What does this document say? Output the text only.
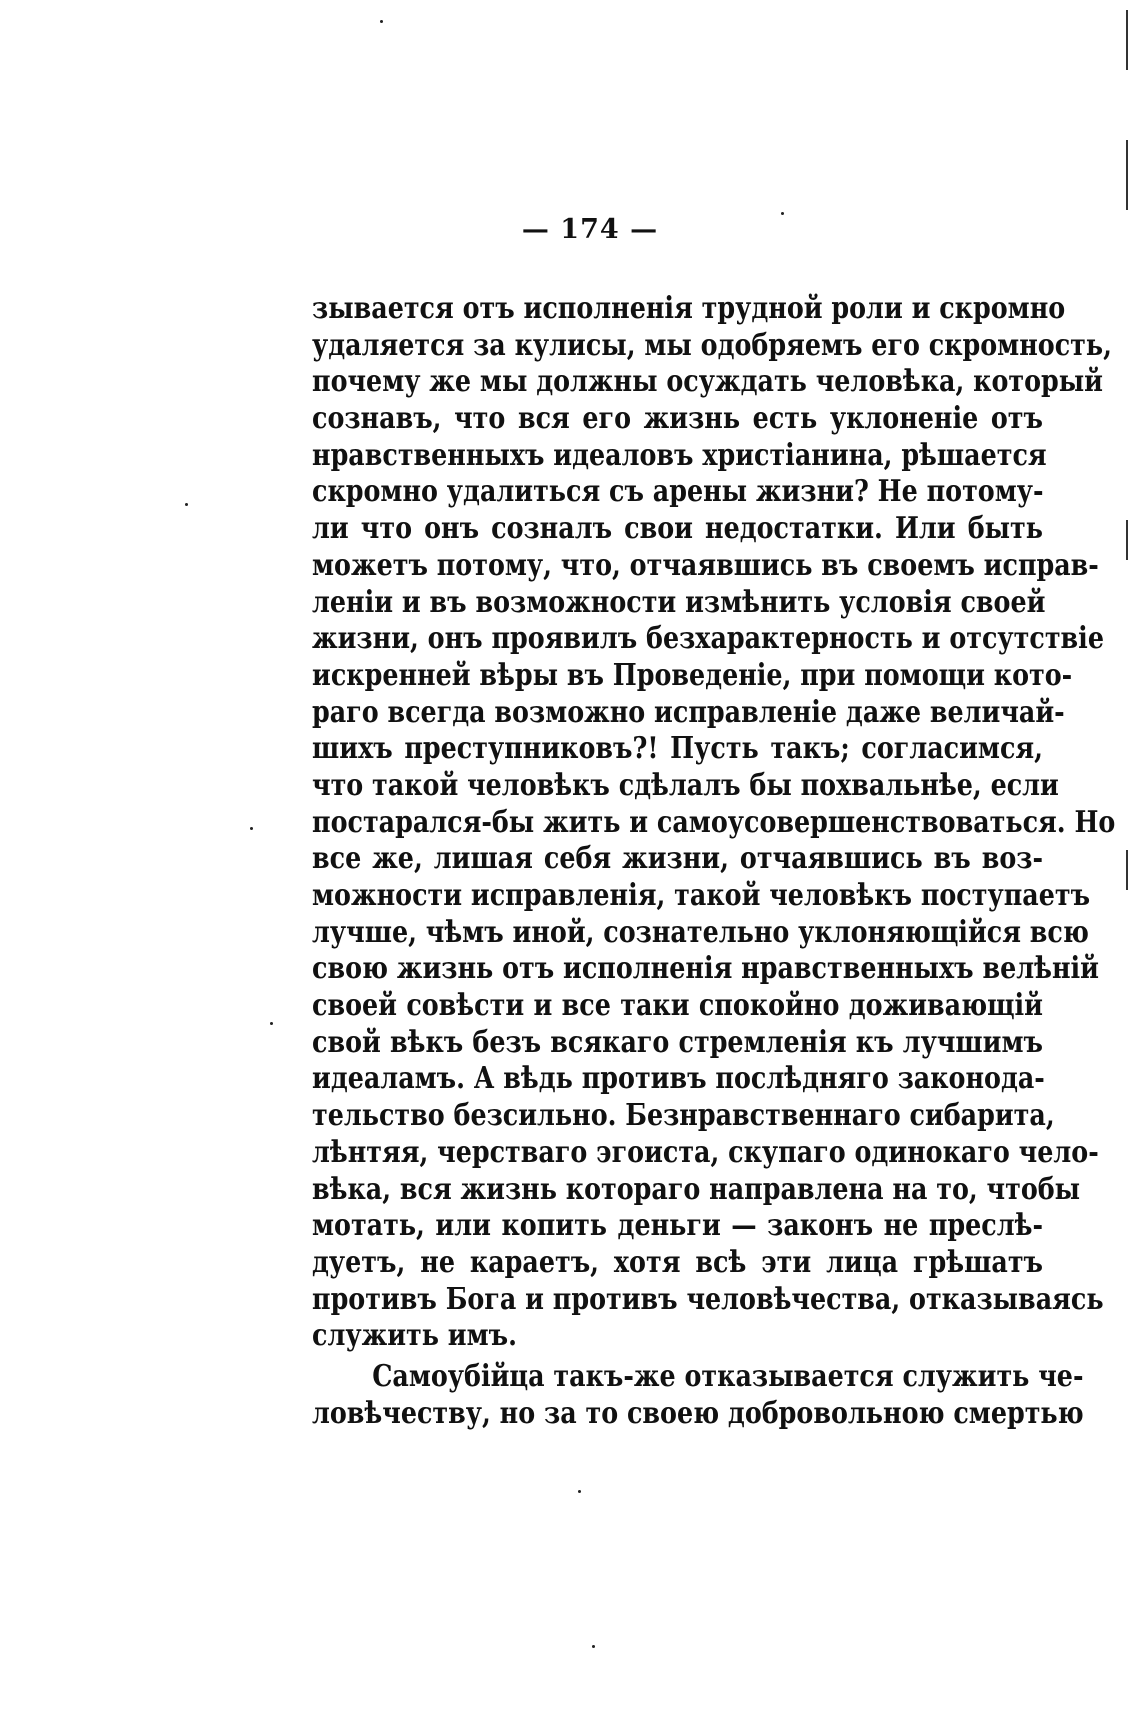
— 174 —
зывается отъ исполненія трудной роли и скромно
удаляется за кулисы, мы одобряемъ его скромность,
почему же мы должны осуждать человѣка, который
сознавъ, что вся его жизнь есть уклоненіе отъ
нравственныхъ идеаловъ христіанина, рѣшается
скромно удалиться съ арены жизни? Не потому-
ли что онъ созналъ свои недостатки. Или быть
можетъ потому, что, отчаявшись въ своемъ исправ-
леніи и въ возможности измѣнить условія своей
жизни, онъ проявилъ безхарактерность и отсутствіе
искренней вѣры въ Проведеніе, при помощи кото-
раго всегда возможно исправленіе даже величай-
шихъ преступниковъ?! Пусть такъ; согласимся,
что такой человѣкъ сдѣлалъ бы похвальнѣе, если
постарался-бы жить и самоусовершенствоваться. Но
все же, лишая себя жизни, отчаявшись въ воз-
можности исправленія, такой человѣкъ поступаетъ
лучше, чѣмъ иной, сознательно уклоняющійся всю
свою жизнь отъ исполненія нравственныхъ велѣній
своей совѣсти и все таки спокойно доживающій
свой вѣкъ безъ всякаго стремленія къ лучшимъ
идеаламъ. А вѣдь противъ послѣдняго законода-
тельство безсильно. Безнравственнаго сибарита,
лѣнтяя, черстваго эгоиста, скупаго одинокаго чело-
вѣка, вся жизнь котораго направлена на то, чтобы
мотать, или копить деньги — законъ не преслѣ-
дуетъ, не караетъ, хотя всѣ эти лица грѣшатъ
противъ Бога и противъ человѣчества, отказываясь
служить имъ.
Самоубійца такъ-же отказывается служить че-
ловѣчеству, но за то своею добровольною смертью
